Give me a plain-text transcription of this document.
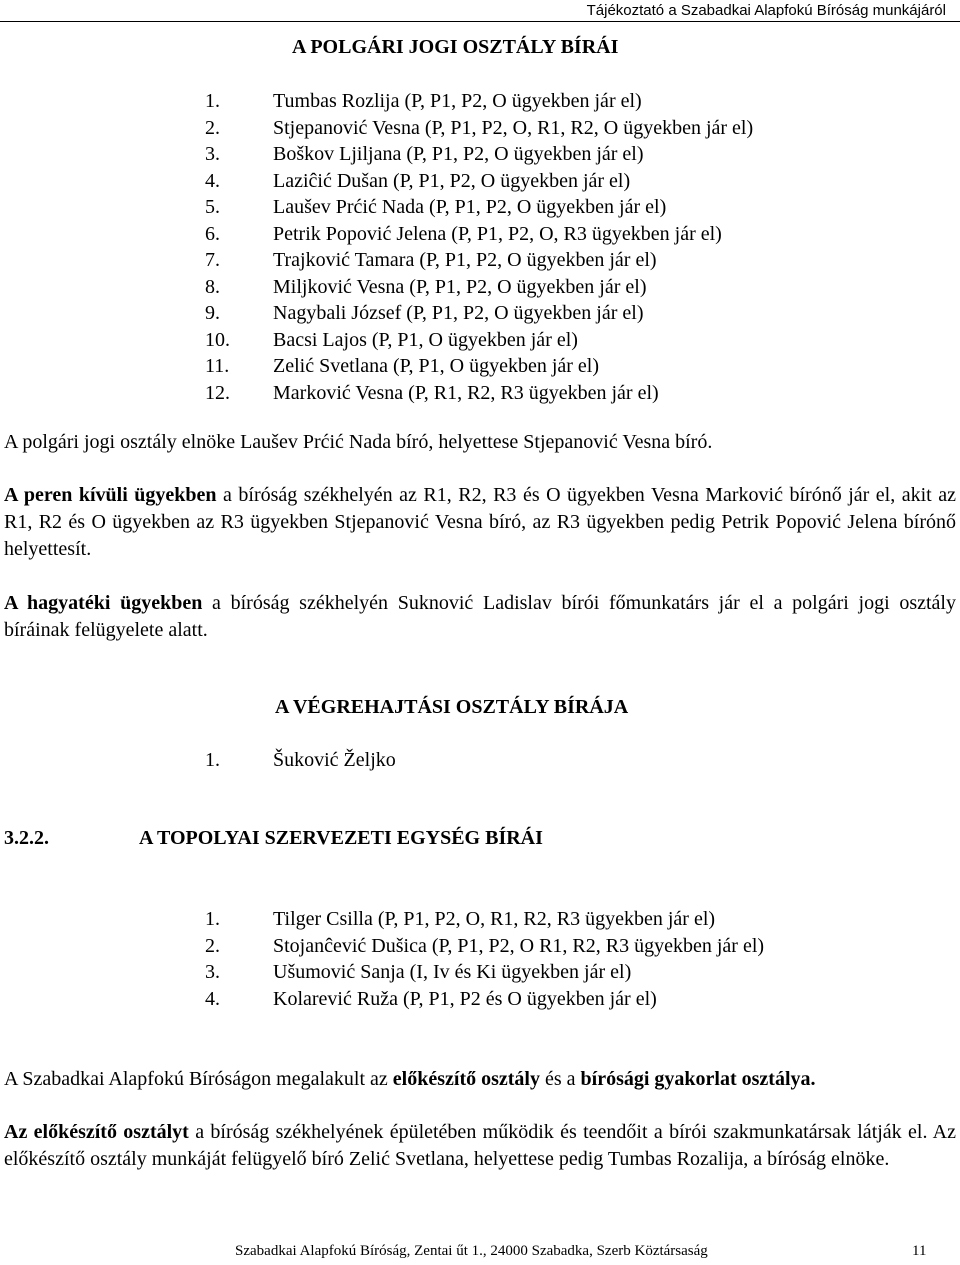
Tájékoztató a Szabadkai Alapfokú Bíróság munkájáról
A POLGÁRI JOGI OSZTÁLY BÍRÁI
1.	Tumbas Rozlija (P, P1, P2, O ügyekben jár el)
2.	Stjepanović Vesna (P, P1, P2, O, R1, R2, O ügyekben jár el)
3.	Boškov Ljiljana (P, P1, P2, O ügyekben jár el)
4.	Laziĉić Dušan (P, P1, P2, O ügyekben jár el)
5.	Laušev Prćić Nada (P, P1, P2, O ügyekben jár el)
6.	Petrik Popović Jelena (P, P1, P2, O, R3 ügyekben jár el)
7.	Trajković Tamara (P, P1, P2, O ügyekben jár el)
8.	Miljković Vesna (P, P1, P2, O ügyekben jár el)
9.	Nagybali József (P, P1, P2, O ügyekben jár el)
10. Bacsi Lajos (P, P1, O ügyekben jár el)
11. Zelić Svetlana (P, P1, O ügyekben jár el)
12. Marković Vesna (P, R1, R2, R3 ügyekben jár el)
A polgári jogi osztály elnöke Laušev Prćić Nada bíró, helyettese Stjepanović Vesna bíró.
A peren kívüli ügyekben a bíróság székhelyén az R1, R2, R3 és O ügyekben Vesna Marković bírónő jár el, akit az R1, R2 és O ügyekben az R3 ügyekben Stjepanović Vesna bíró, az R3 ügyekben pedig Petrik Popović Jelena bírónő helyettesít.
A hagyatéki ügyekben a bíróság székhelyén Suknović Ladislav bírói főmunkatárs jár el a polgári jogi osztály bíráinak felügyelete alatt.
A VÉGREHAJTÁSI OSZTÁLY BÍRÁJA
1.	Šuković Željko
3.2.2.	A TOPOLYAI SZERVEZETI EGYSÉG BÍRÁI
1.	Tilger Csilla (P, P1, P2, O, R1, R2, R3 ügyekben jár el)
2.	Stojanĉević Dušica (P, P1, P2, O R1, R2, R3 ügyekben jár el)
3.	Ušumović Sanja (I, Iv és Ki ügyekben jár el)
4.	Kolarević Ruža (P, P1, P2 és O ügyekben jár el)
A Szabadkai Alapfokú Bíróságon megalakult az előkészítő osztály és a bírósági gyakorlat osztálya.
Az előkészítő osztályt a bíróság székhelyének épületében működik és teendőit a bírói szakmunkatársak látják el. Az előkészítő osztály munkáját felügyelő bíró Zelić Svetlana, helyettese pedig Tumbas Rozalija, a bíróság elnöke.
Szabadkai Alapfokú Bíróság, Zentai űt 1., 24000 Szabadka, Szerb Köztársaság	11
